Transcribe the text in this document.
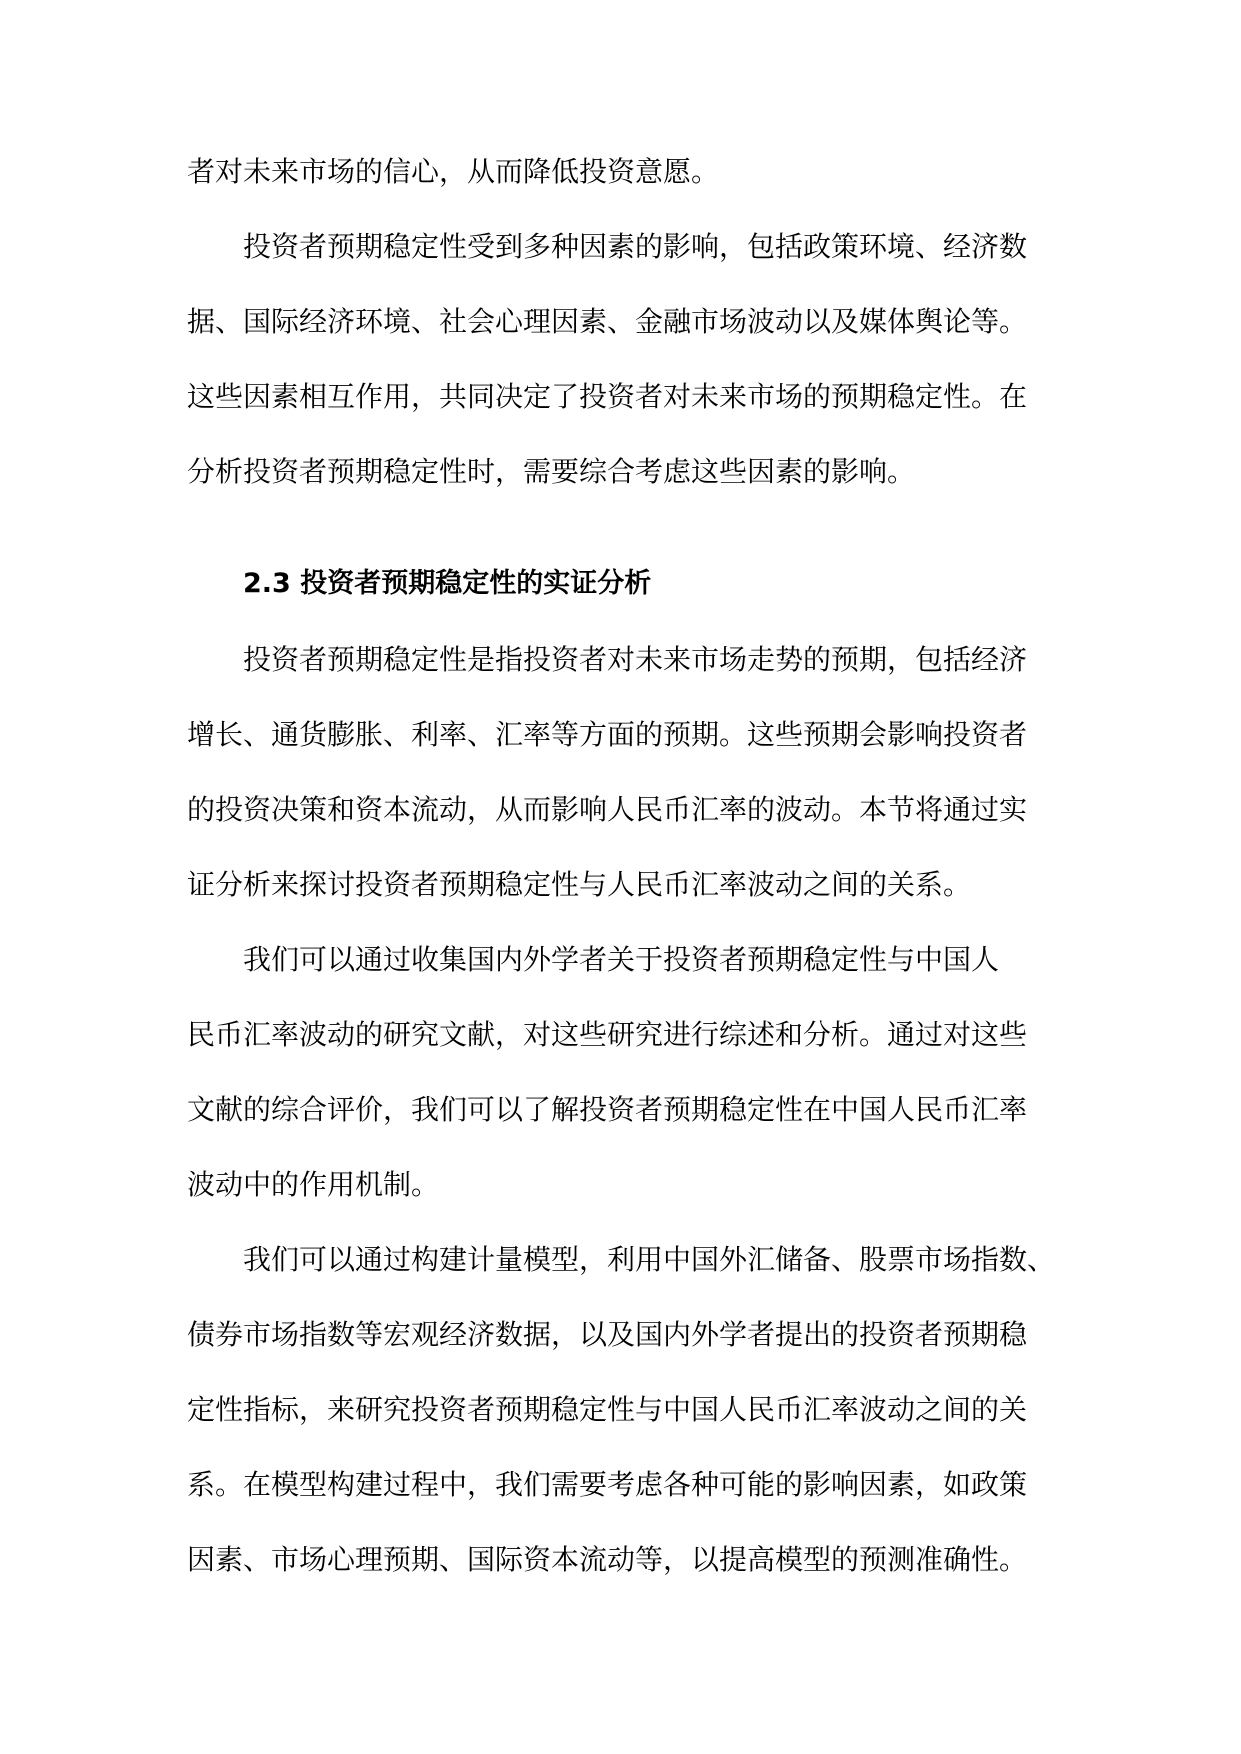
者对未来市场的信心，从而降低投资意愿。
投资者预期稳定性受到多种因素的影响，包括政策环境、经济数
据、国际经济环境、社会心理因素、金融市场波动以及媒体舆论等。
这些因素相互作用，共同决定了投资者对未来市场的预期稳定性。在
分析投资者预期稳定性时，需要综合考虑这些因素的影响。
2.3 投资者预期稳定性的实证分析
投资者预期稳定性是指投资者对未来市场走势的预期，包括经济
增长、通货膨胀、利率、汇率等方面的预期。这些预期会影响投资者
的投资决策和资本流动，从而影响人民币汇率的波动。本节将通过实
证分析来探讨投资者预期稳定性与人民币汇率波动之间的关系。
我们可以通过收集国内外学者关于投资者预期稳定性与中国人
民币汇率波动的研究文献，对这些研究进行综述和分析。通过对这些
文献的综合评价，我们可以了解投资者预期稳定性在中国人民币汇率
波动中的作用机制。
我们可以通过构建计量模型，利用中国外汇储备、股票市场指数、
债券市场指数等宏观经济数据，以及国内外学者提出的投资者预期稳
定性指标，来研究投资者预期稳定性与中国人民币汇率波动之间的关
系。在模型构建过程中，我们需要考虑各种可能的影响因素，如政策
因素、市场心理预期、国际资本流动等，以提高模型的预测准确性。
